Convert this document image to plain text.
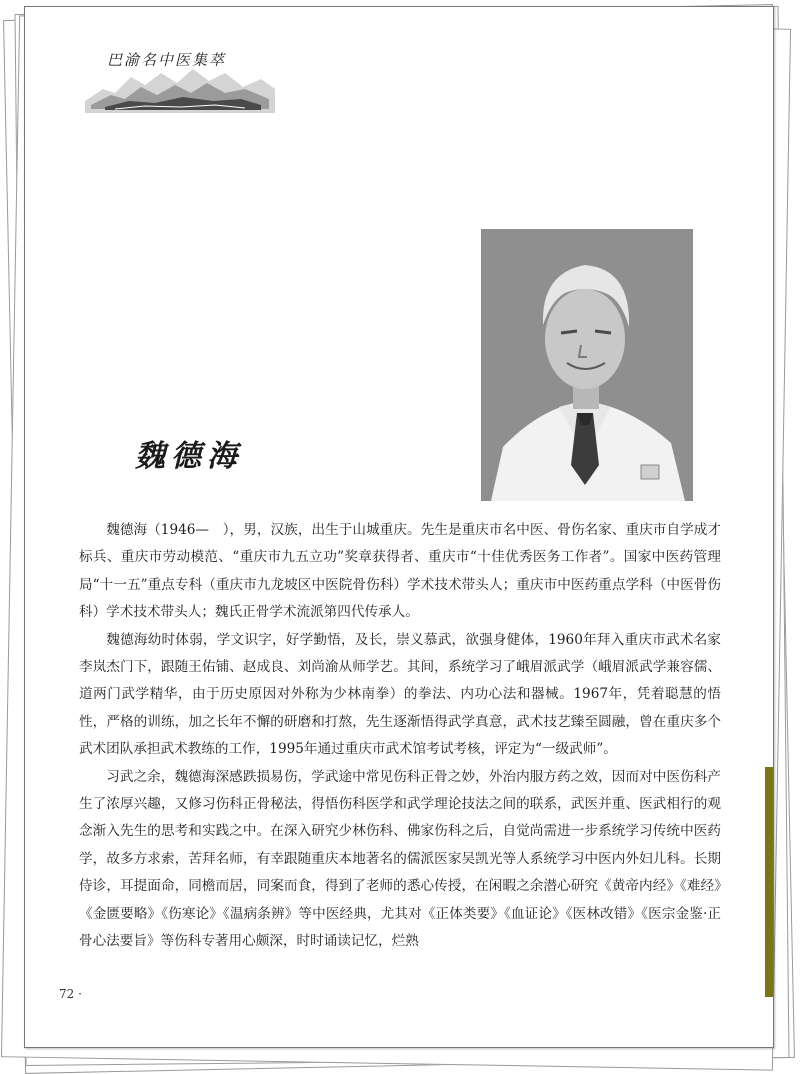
巴渝名中医集萃
魏德海

魏德海（1946—　），男，汉族，出生于山城重庆。先生是重庆市名中医、骨伤名家、重庆市自学成才标兵、重庆市劳动模范、“重庆市九五立功”奖章获得者、重庆市“十佳优秀医务工作者”。国家中医药管理局“十一五”重点专科（重庆市九龙坡区中医院骨伤科）学术技术带头人；重庆市中医药重点学科（中医骨伤科）学术技术带头人；魏氏正骨学术流派第四代传承人。

魏德海幼时体弱，学文识字，好学勤悟，及长，崇义慕武，欲强身健体，1960年拜入重庆市武术名家李岚杰门下，跟随王佑铺、赵成良、刘尚渝从师学艺。其间，系统学习了峨眉派武学（峨眉派武学兼容儒、道两门武学精华，由于历史原因对外称为少林南拳）的拳法、内功心法和器械。1967年，凭着聪慧的悟性，严格的训练，加之长年不懈的研磨和打熬，先生逐渐悟得武学真意，武术技艺臻至圆融，曾在重庆多个武术团队承担武术教练的工作，1995年通过重庆市武术馆考试考核，评定为“一级武师”。

习武之余，魏德海深感跌损易伤，学武途中常见伤科正骨之妙，外治内服方药之效，因而对中医伤科产生了浓厚兴趣，又修习伤科正骨秘法，得悟伤科医学和武学理论技法之间的联系，武医并重、医武相行的观念渐入先生的思考和实践之中。在深入研究少林伤科、佛家伤科之后，自觉尚需进一步系统学习传统中医药学，故多方求索，苦拜名师，有幸跟随重庆本地著名的儒派医家吴凯光等人系统学习中医内外妇儿科。长期侍诊，耳提面命，同檐而居，同案而食，得到了老师的悉心传授，在闲暇之余潜心研究《黄帝内经》《难经》《金匮要略》《伤寒论》《温病条辨》等中医经典，尤其对《正体类要》《血证论》《医林改错》《医宗金鉴·正骨心法要旨》等伤科专著用心颇深，时时诵读记忆，烂熟

72 ·
